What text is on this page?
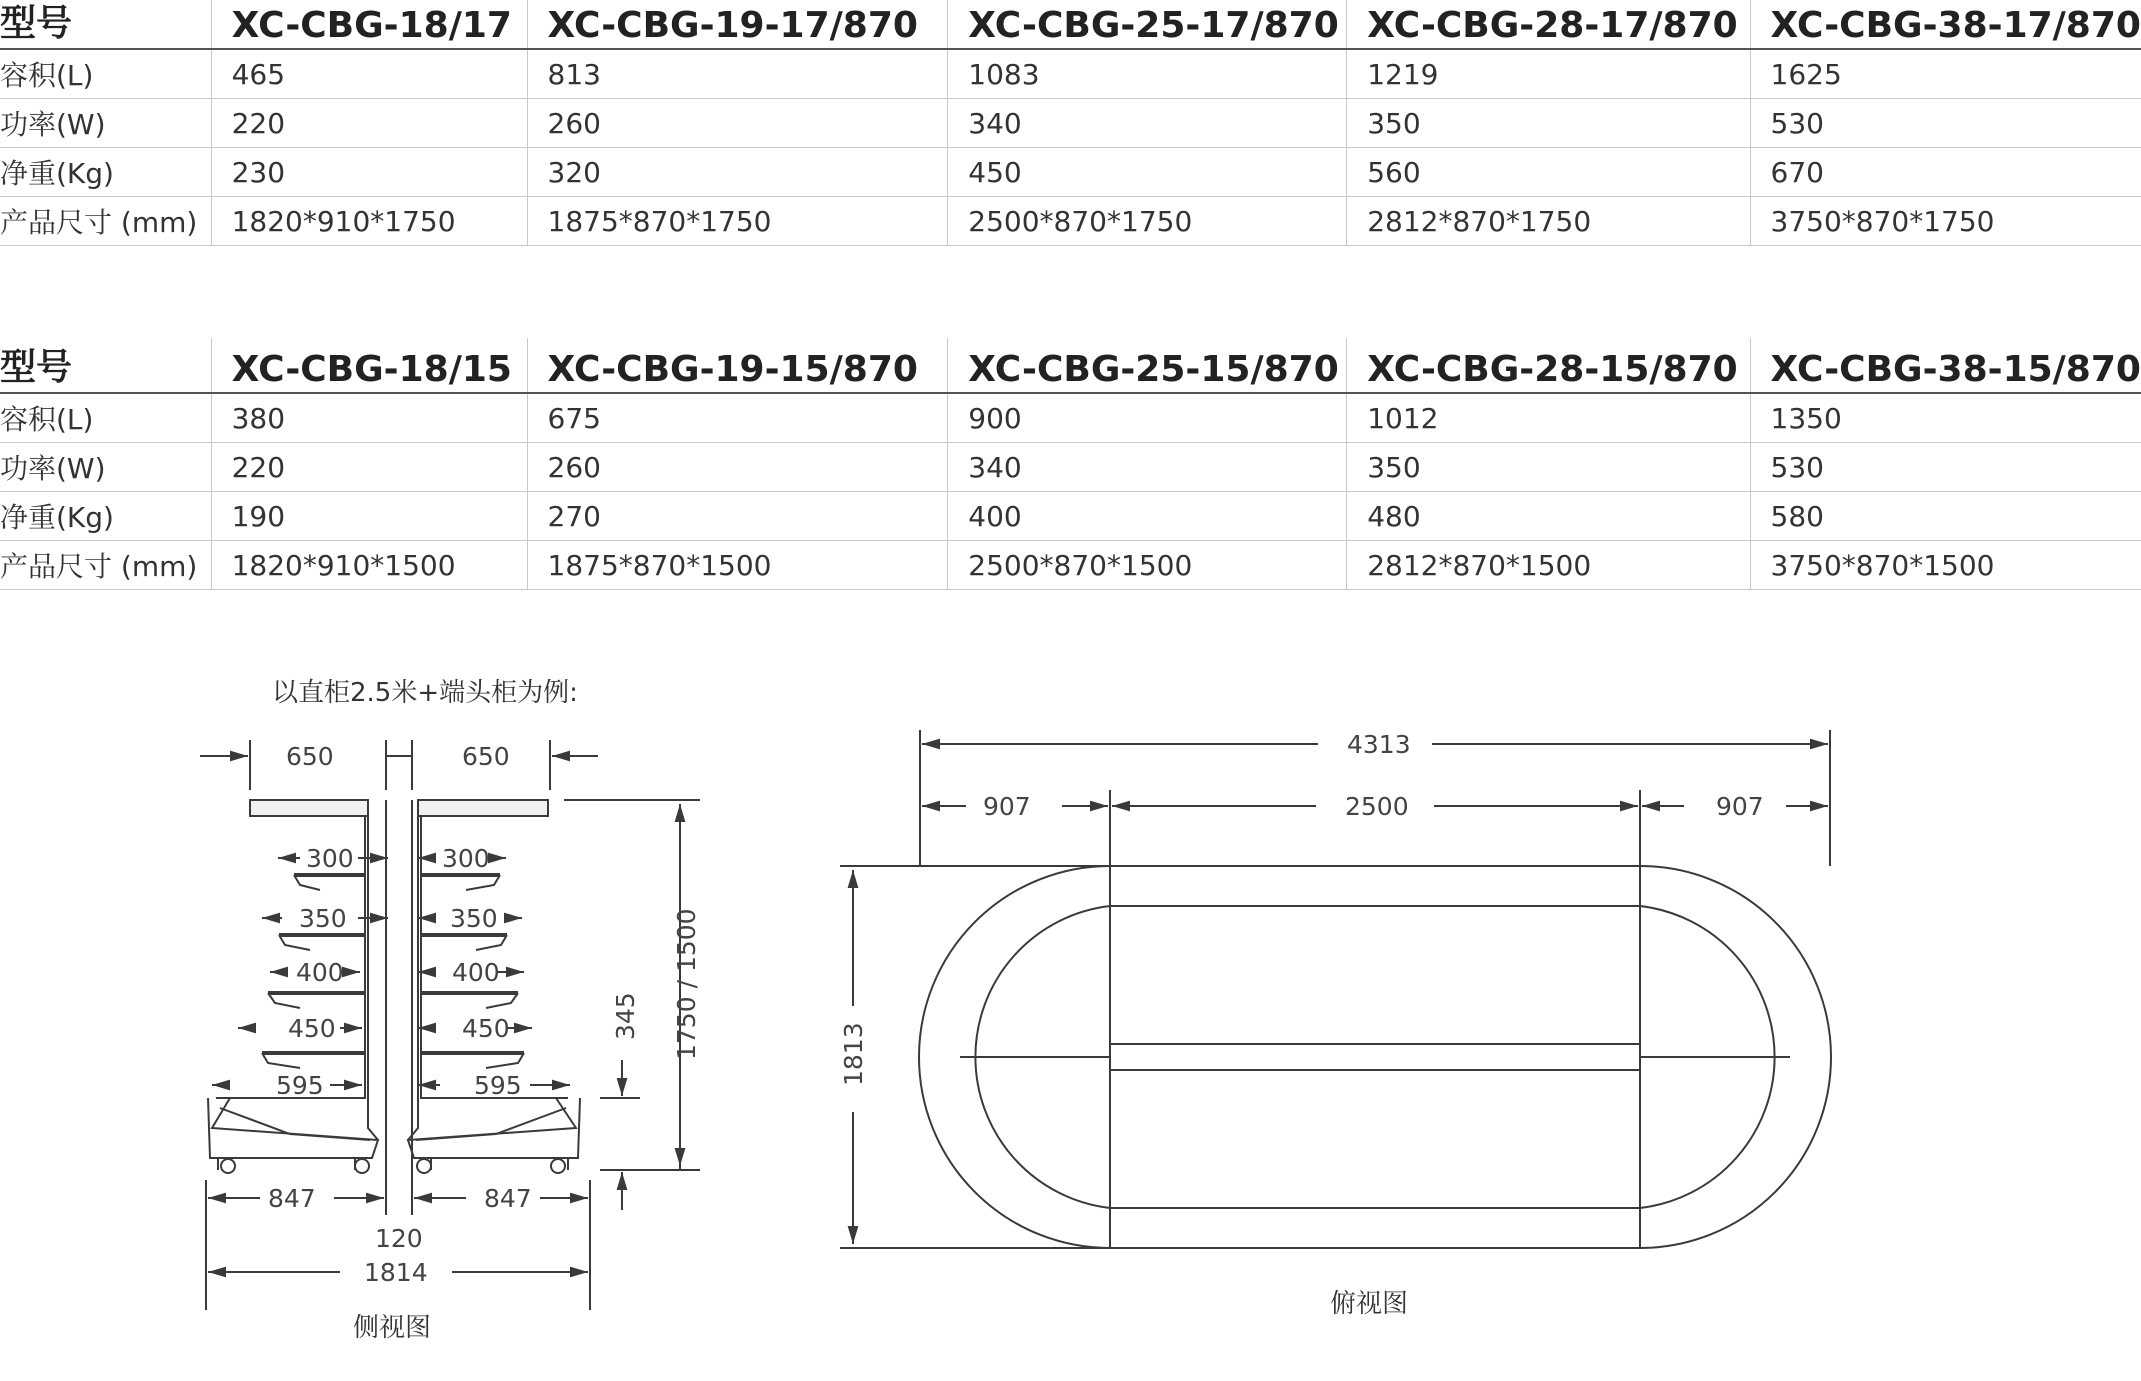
型号	XC-CBG-18/17	XC-CBG-19-17/870	XC-CBG-25-17/870	XC-CBG-28-17/870	XC-CBG-38-17/870
容积(L)	465	813	1083	1219	1625
功率(W)	220	260	340	350	530
净重(Kg)	230	320	450	560	670
产品尺寸 (mm)	1820*910*1750	1875*870*1750	2500*870*1750	2812*870*1750	3750*870*1750
型号	XC-CBG-18/15	XC-CBG-19-15/870	XC-CBG-25-15/870	XC-CBG-28-15/870	XC-CBG-38-15/870
容积(L)	380	675	900	1012	1350
功率(W)	220	260	340	350	530
净重(Kg)	190	270	400	480	580
产品尺寸 (mm)	1820*910*1500	1875*870*1500	2500*870*1500	2812*870*1500	3750*870*1500
以直柜2.5米+端头柜为例:
650	650
300
350
400
450
595
300
350
400
450
595
1750 / 1500
345
847	847
120
1814
侧视图
4313
907	2500	907
1813
俯视图
